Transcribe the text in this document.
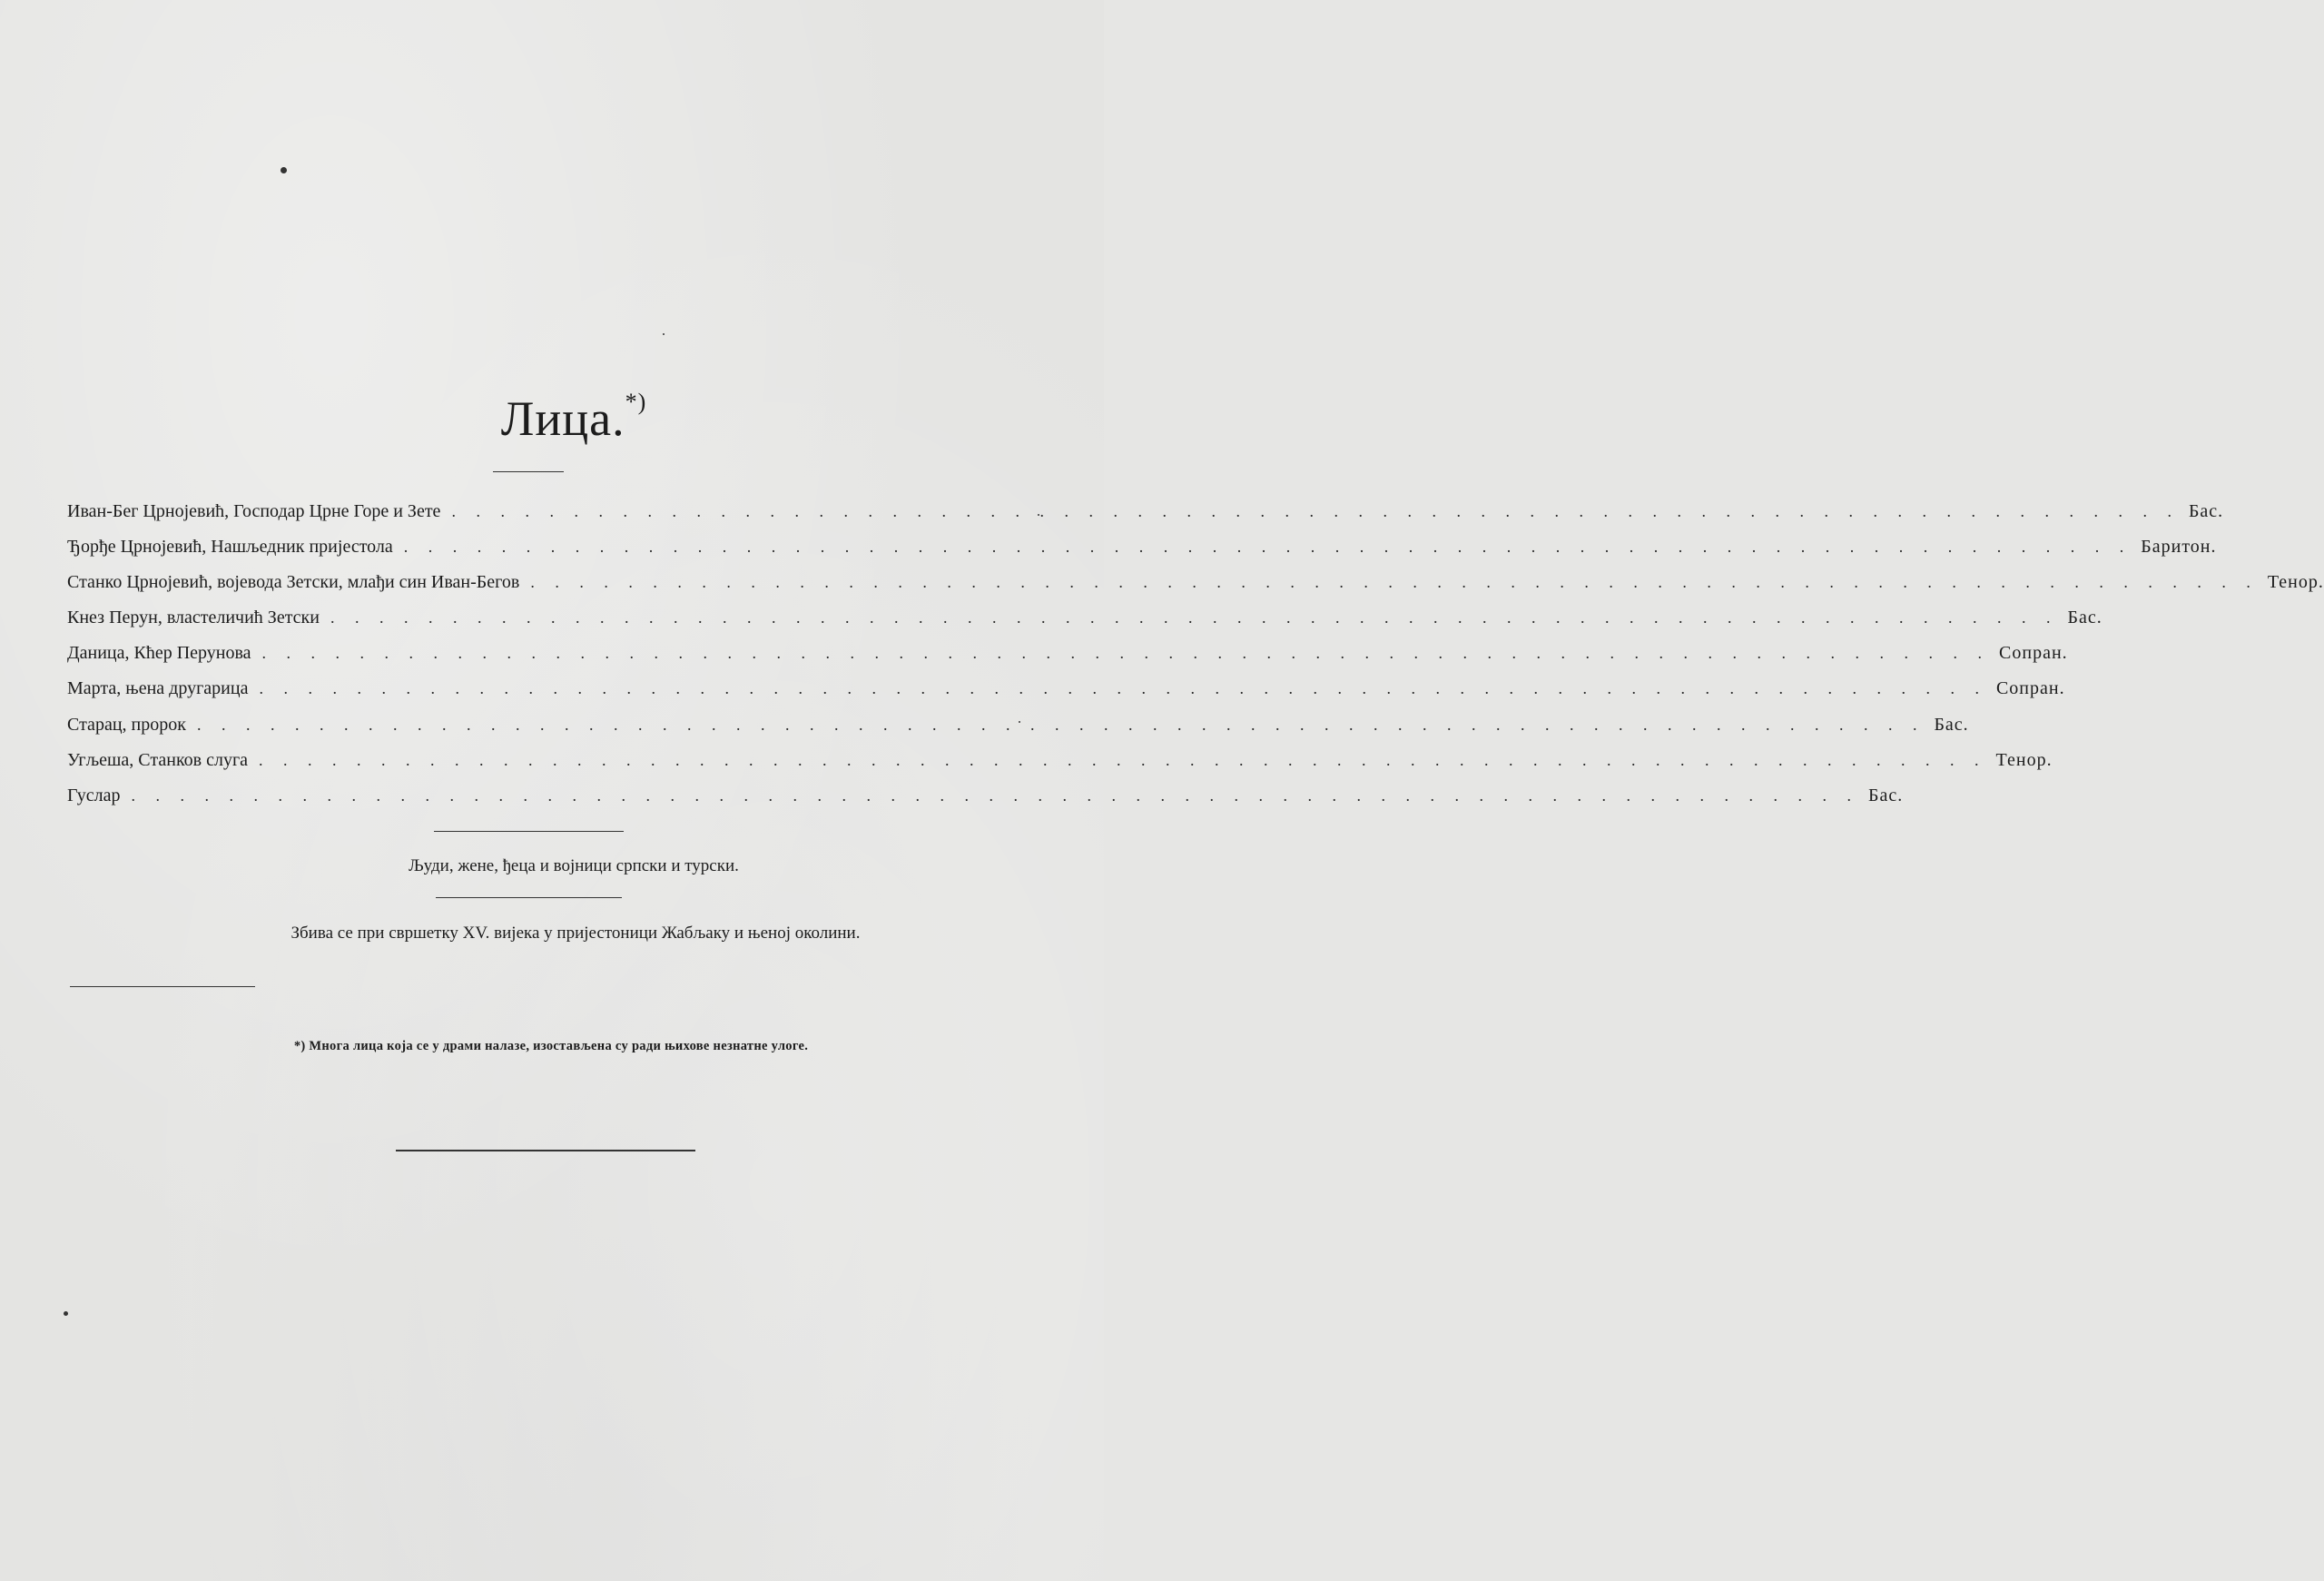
Лица.*)
Иван-Бег Црнојевић, Господар Црне Горе и Зете . . . . . . . . . . . . . . . . . . . . . . . . . . . . . . . . . . . . . . . . . . . . . . . . . . . . . . . . . . . . . . . . . . . . . . . Бас.
Ђорђе Црнојевић, Нашљедник пријестола . . . . . . . . . . . . . . . . . . . . . . . . . . . . . . . . . . . . . . . . . . . . . . . . . . . . . . . . . . . . . . . . . . . . . . . Баритон.
Станко Црнојевић, војевода Зетски, млађи син Иван-Бегов . . . . . . . . . . . . . . . . . . . . . . . . . . . . . . . . . . . . . . . . . . . . . . . . . . . . . . . . . . . . . . . . . . . . . . . Тенор.
Кнез Перун, властеличић Зетски . . . . . . . . . . . . . . . . . . . . . . . . . . . . . . . . . . . . . . . . . . . . . . . . . . . . . . . . . . . . . . . . . . . . . . . Бас.
Даница, Кћер Перунова . . . . . . . . . . . . . . . . . . . . . . . . . . . . . . . . . . . . . . . . . . . . . . . . . . . . . . . . . . . . . . . . . . . . . . . Сопран.
Марта, њена другарица . . . . . . . . . . . . . . . . . . . . . . . . . . . . . . . . . . . . . . . . . . . . . . . . . . . . . . . . . . . . . . . . . . . . . . . Сопран.
Старац, пророк . . . . . . . . . . . . . . . . . . . . . . . . . . . . . . . . . . . . . . . . . . . . . . . . . . . . . . . . . . . . . . . . . . . . . . . Бас.
Угљеша, Станков слуга . . . . . . . . . . . . . . . . . . . . . . . . . . . . . . . . . . . . . . . . . . . . . . . . . . . . . . . . . . . . . . . . . . . . . . . Тенор.
Гуслар . . . . . . . . . . . . . . . . . . . . . . . . . . . . . . . . . . . . . . . . . . . . . . . . . . . . . . . . . . . . . . . . . . . . . . . Бас.
Људи, жене, ђеца и војници српски и турски.
Збива се при свршетку XV. вијека у пријестоници Жабљаку и њеној околини.
*) Многа лица која се у драми налазе, изостављена су ради њихове незнатне улоге.
